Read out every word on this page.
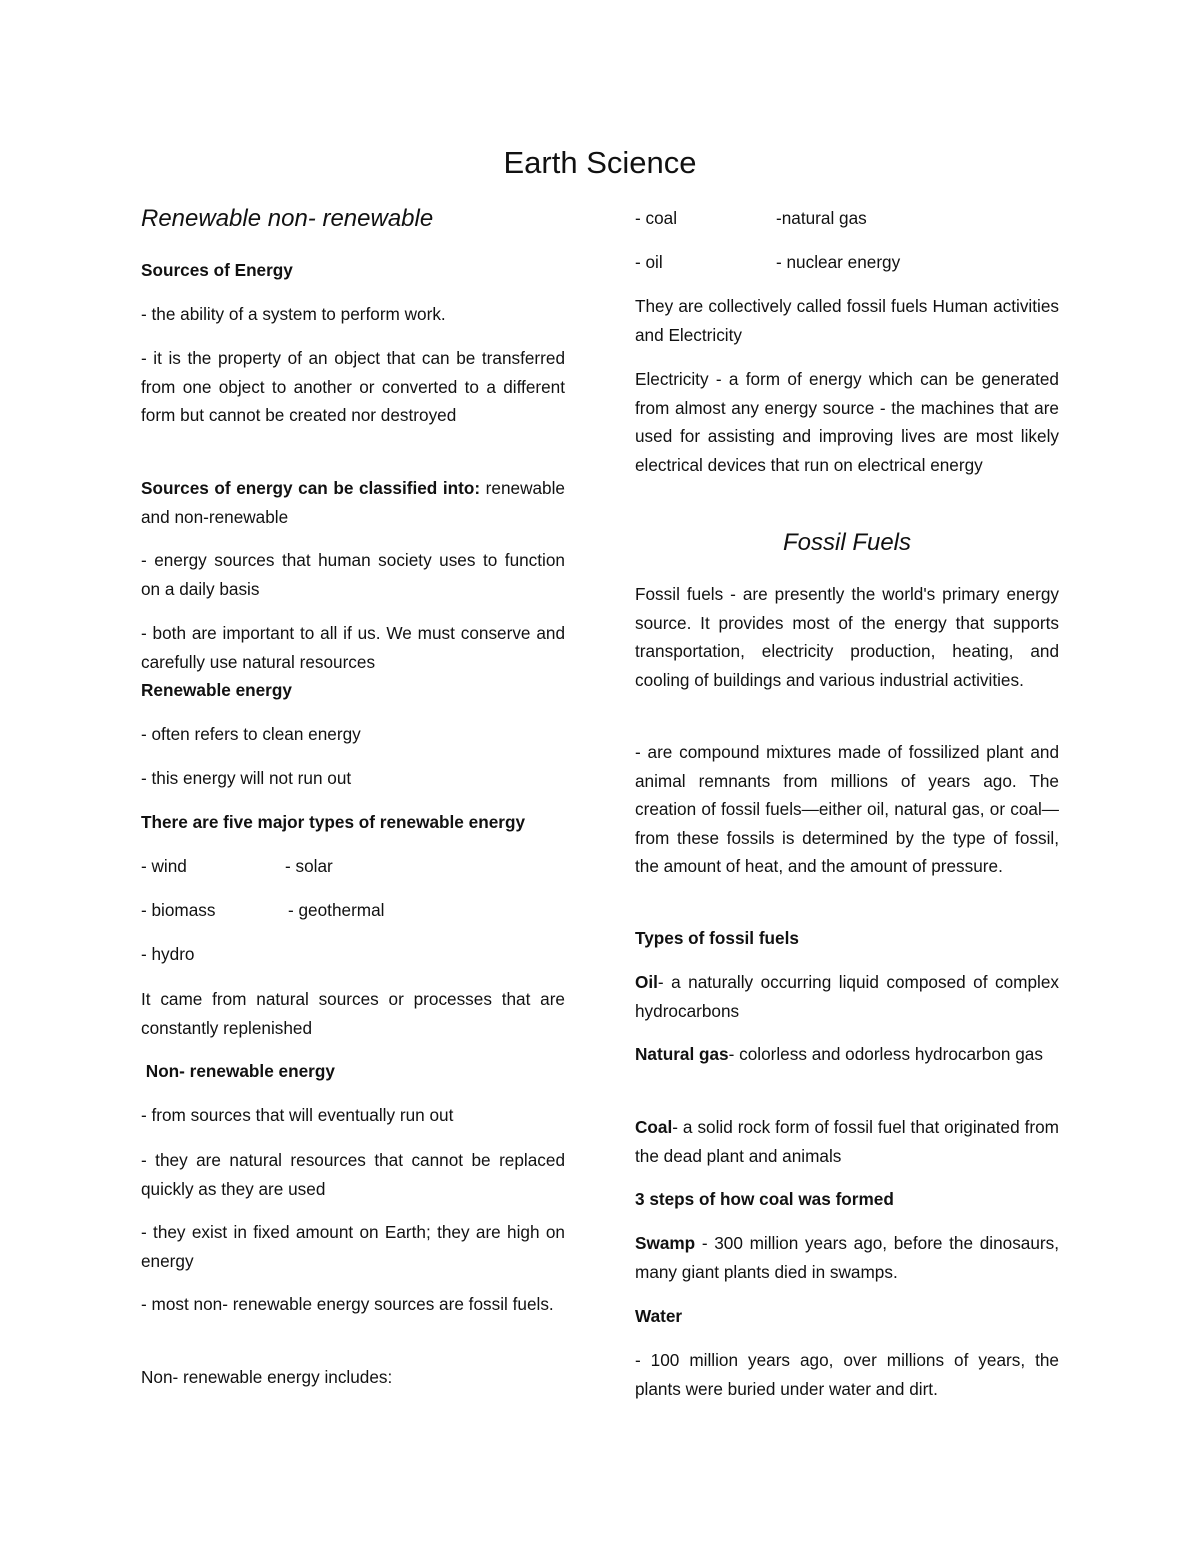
Earth Science
Renewable non- renewable

Sources of Energy

- the ability of a system to perform work.

- it is the property of an object that can be transferred from one object to another or converted to a different form but cannot be created nor destroyed

Sources of energy can be classified into: renewable and non-renewable

- energy sources that human society uses to function on a daily basis

- both are important to all if us. We must conserve and carefully use natural resources

Renewable energy

- often refers to clean energy

- this energy will not run out

There are five major types of renewable energy

- wind	- solar
- biomass	- geothermal
- hydro

It came from natural sources or processes that are constantly replenished

Non- renewable energy

- from sources that will eventually run out

- they are natural resources that cannot be replaced quickly as they are used

- they exist in fixed amount on Earth; they are high on energy

- most non- renewable energy sources are fossil fuels.

Non- renewable energy includes:

- coal	-natural gas
- oil	- nuclear energy

They are collectively called fossil fuels Human activities and Electricity

Electricity - a form of energy which can be generated from almost any energy source - the machines that are used for assisting and improving lives are most likely electrical devices that run on electrical energy

Fossil Fuels

Fossil fuels - are presently the world's primary energy source. It provides most of the energy that supports transportation, electricity production, heating, and cooling of buildings and various industrial activities.

- are compound mixtures made of fossilized plant and animal remnants from millions of years ago. The creation of fossil fuels—either oil, natural gas, or coal—from these fossils is determined by the type of fossil, the amount of heat, and the amount of pressure.

Types of fossil fuels

Oil- a naturally occurring liquid composed of complex hydrocarbons

Natural gas- colorless and odorless hydrocarbon gas

Coal- a solid rock form of fossil fuel that originated from the dead plant and animals

3 steps of how coal was formed

Swamp - 300 million years ago, before the dinosaurs, many giant plants died in swamps.

Water

- 100 million years ago, over millions of years, the plants were buried under water and dirt.
